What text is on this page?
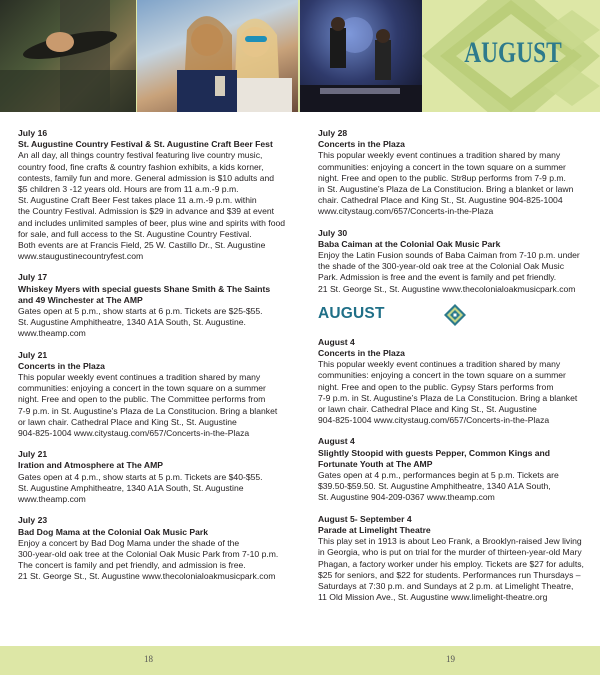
AUGUST
July 16
St. Augustine Country Festival & St. Augustine Craft Beer Fest
An all day, all things country festival featuring live country music,
country food, fine crafts & country fashion exhibits, a kids korner,
contests, family fun and more. General admission is $10 adults and
$5 children 3 -12 years old. Hours are from 11 a.m.-9 p.m.
St. Augustine Craft Beer Fest takes place 11 a.m.-9 p.m. within
the Country Festival. Admission is $29 in advance and $39 at event
and includes unlimited samples of beer, plus wine and spirits with food
for sale, and full access to the St. Augustine Country Festival.
Both events are at Francis Field, 25 W. Castillo Dr., St. Augustine
www.staugustinecountryfest.com
July 17
Whiskey Myers with special guests Shane Smith & The Saints
and 49 Winchester at The AMP
Gates open at 5 p.m., show starts at 6 p.m. Tickets are $25-$55.
St. Augustine Amphitheatre, 1340 A1A South, St. Augustine.
www.theamp.com
July 21
Concerts in the Plaza
This popular weekly event continues a tradition shared by many
communities: enjoying a concert in the town square on a summer
night. Free and open to the public. The Committee performs from
7-9 p.m. in St. Augustine’s Plaza de La Constitucion. Bring a blanket
or lawn chair. Cathedral Place and King St., St. Augustine
904-825-1004 www.citystaug.com/657/Concerts-in-the-Plaza
July 21
Iration and Atmosphere at The AMP
Gates open at 4 p.m., show starts at 5 p.m. Tickets are $40-$55.
St. Augustine Amphitheatre, 1340 A1A South, St. Augustine
www.theamp.com
July 23
Bad Dog Mama at the Colonial Oak Music Park
Enjoy a concert by Bad Dog Mama under the shade of the
300-year-old oak tree at the Colonial Oak Music Park from 7-10 p.m.
The concert is family and pet friendly, and admission is free.
21 St. George St., St. Augustine www.thecolonialoakmusicpark.com
July 28
Concerts in the Plaza
This popular weekly event continues a tradition shared by many
communities: enjoying a concert in the town square on a summer
night. Free and open to the public. Str8up performs from 7-9 p.m.
in St. Augustine’s Plaza de La Constitucion. Bring a blanket or lawn
chair. Cathedral Place and King St., St. Augustine 904-825-1004
www.citystaug.com/657/Concerts-in-the-Plaza
July 30
Baba Caiman at the Colonial Oak Music Park
Enjoy the Latin Fusion sounds of Baba Caiman from 7-10 p.m. under
the shade of the 300-year-old oak tree at the Colonial Oak Music
Park. Admission is free and the event is family and pet friendly.
21 St. George St., St. Augustine www.thecolonialoakmusicpark.com
AUGUST
August 4
Concerts in the Plaza
This popular weekly event continues a tradition shared by many
communities: enjoying a concert in the town square on a summer
night. Free and open to the public. Gypsy Stars performs from
7-9 p.m. in St. Augustine’s Plaza de La Constitucion. Bring a blanket
or lawn chair. Cathedral Place and King St., St. Augustine
904-825-1004 www.citystaug.com/657/Concerts-in-the-Plaza
August 4
Slightly Stoopid with guests Pepper, Common Kings and
Fortunate Youth at The AMP
Gates open at 4 p.m., performances begin at 5 p.m. Tickets are
$39.50-$59.50. St. Augustine Amphitheatre, 1340 A1A South,
St. Augustine 904-209-0367 www.theamp.com
August 5- September 4
Parade at Limelight Theatre
This play set in 1913 is about Leo Frank, a Brooklyn-raised Jew living
in Georgia, who is put on trial for the murder of thirteen-year-old Mary
Phagan, a factory worker under his employ. Tickets are $27 for adults,
$25 for seniors, and $22 for students. Performances run Thursdays –
Saturdays at 7:30 p.m. and Sundays at 2 p.m. at Limelight Theatre,
11 Old Mission Ave., St. Augustine www.limelight-theatre.org
18	19
